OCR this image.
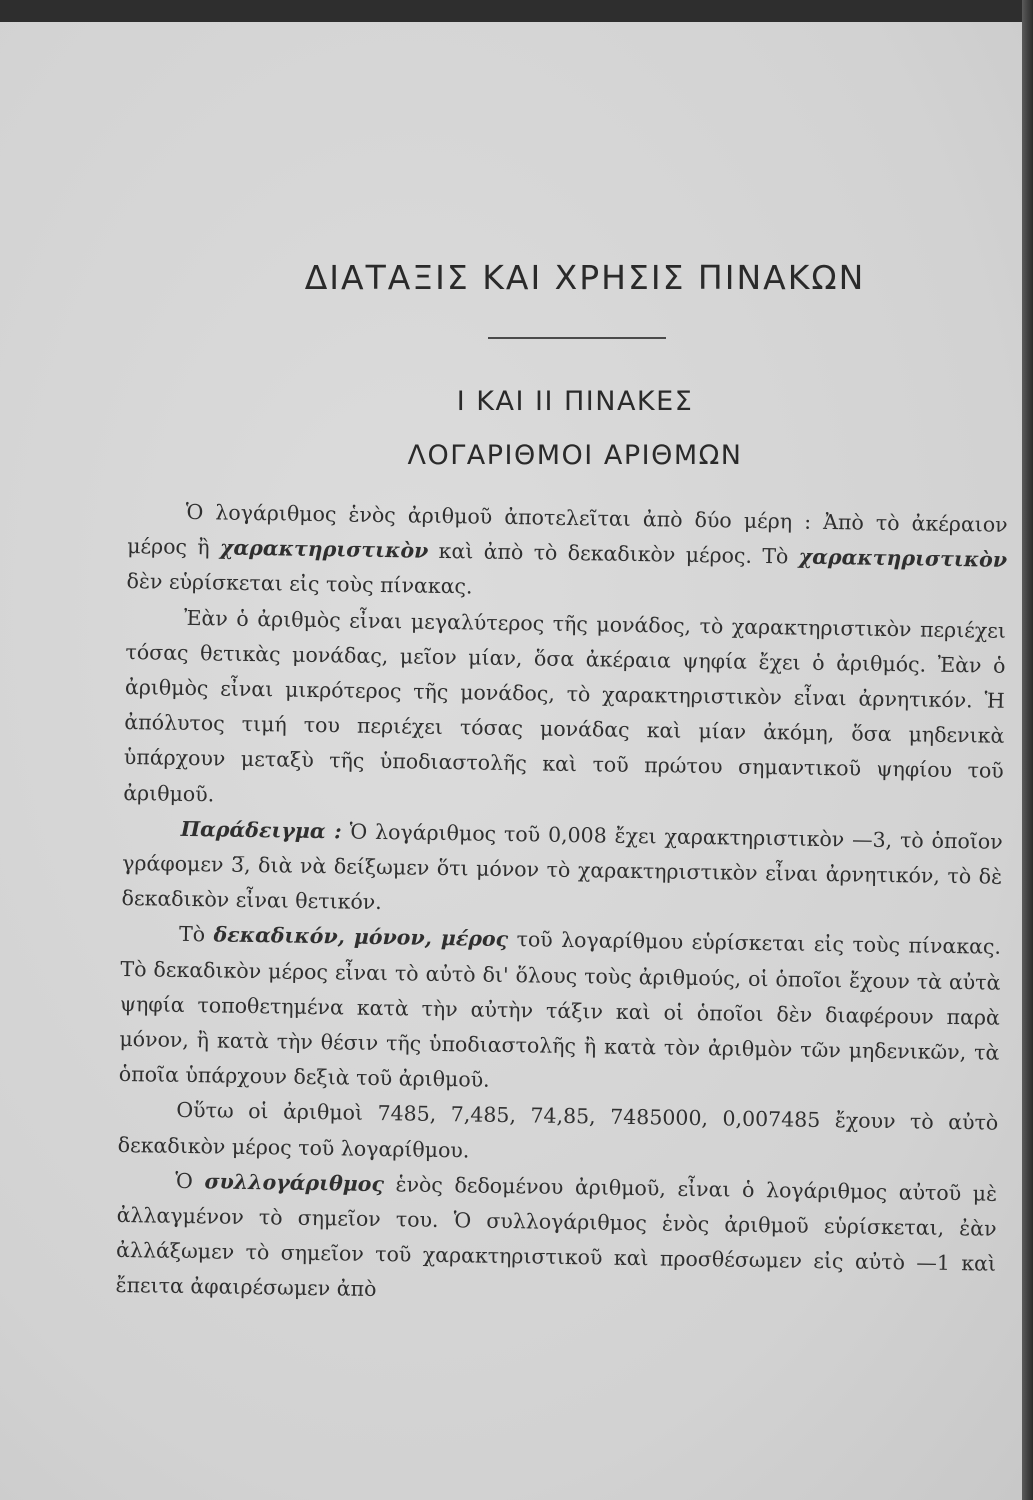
ΔΙΑΤΑΞΙΣ ΚΑΙ ΧΡΗΣΙΣ ΠΙΝΑΚΩΝ
Ι ΚΑΙ ΙΙ ΠΙΝΑΚΕΣ
ΛΟΓΑΡΙΘΜΟΙ ΑΡΙΘΜΩΝ

Ὁ λογάριθμος ἑνὸς ἀριθμοῦ ἀποτελεῖται ἀπὸ δύο μέρη : Ἀπὸ τὸ ἀκέραιον μέρος ἢ χαρακτηριστικὸν καὶ ἀπὸ τὸ δεκαδικὸν μέρος. Τὸ χαρακτηριστικὸν δὲν εὑρίσκεται εἰς τοὺς πίνακας.

Ἐὰν ὁ ἀριθμὸς εἶναι μεγαλύτερος τῆς μονάδος, τὸ χαρακτηριστικὸν περιέχει τόσας θετικὰς μονάδας, μεῖον μίαν, ὅσα ἀκέραια ψηφία ἔχει ὁ ἀριθμός. Ἐὰν ὁ ἀριθμὸς εἶναι μικρότερος τῆς μονάδος, τὸ χαρακτηριστικὸν εἶναι ἀρνητικόν. Ἡ ἀπόλυτος τιμή του περιέχει τόσας μονάδας καὶ μίαν ἀκόμη, ὅσα μηδενικὰ ὑπάρχουν μεταξὺ τῆς ὑποδιαστολῆς καὶ τοῦ πρώτου σημαντικοῦ ψηφίου τοῦ ἀριθμοῦ.

Παράδειγμα : Ὁ λογάριθμος τοῦ 0,008 ἔχει χαρακτηριστικὸν —3, τὸ ὁποῖον γράφομεν 3̅, διὰ νὰ δείξωμεν ὅτι μόνον τὸ χαρακτηριστικὸν εἶναι ἀρνητικόν, τὸ δὲ δεκαδικὸν εἶναι θετικόν.

Τὸ δεκαδικόν, μόνον, μέρος τοῦ λογαρίθμου εὑρίσκεται εἰς τοὺς πίνακας. Τὸ δεκαδικὸν μέρος εἶναι τὸ αὐτὸ δι' ὅλους τοὺς ἀριθμούς, οἱ ὁποῖοι ἔχουν τὰ αὐτὰ ψηφία τοποθετημένα κατὰ τὴν αὐτὴν τάξιν καὶ οἱ ὁποῖοι δὲν διαφέρουν παρὰ μόνον, ἢ κατὰ τὴν θέσιν τῆς ὑποδιαστολῆς ἢ κατὰ τὸν ἀριθμὸν τῶν μηδενικῶν, τὰ ὁποῖα ὑπάρχουν δεξιὰ τοῦ ἀριθμοῦ.

Οὕτω οἱ ἀριθμοὶ 7485, 7,485, 74,85, 7485000, 0,007485 ἔχουν τὸ αὐτὸ δεκαδικὸν μέρος τοῦ λογαρίθμου.

Ὁ συλλογάριθμος ἑνὸς δεδομένου ἀριθμοῦ, εἶναι ὁ λογάριθμος αὐτοῦ μὲ ἀλλαγμένον τὸ σημεῖον του. Ὁ συλλογάριθμος ἑνὸς ἀριθμοῦ εὑρίσκεται, ἐὰν ἀλλάξωμεν τὸ σημεῖον τοῦ χαρακτηριστικοῦ καὶ προσθέσωμεν εἰς αὐτὸ —1 καὶ ἔπειτα ἀφαιρέσωμεν ἀπὸ
